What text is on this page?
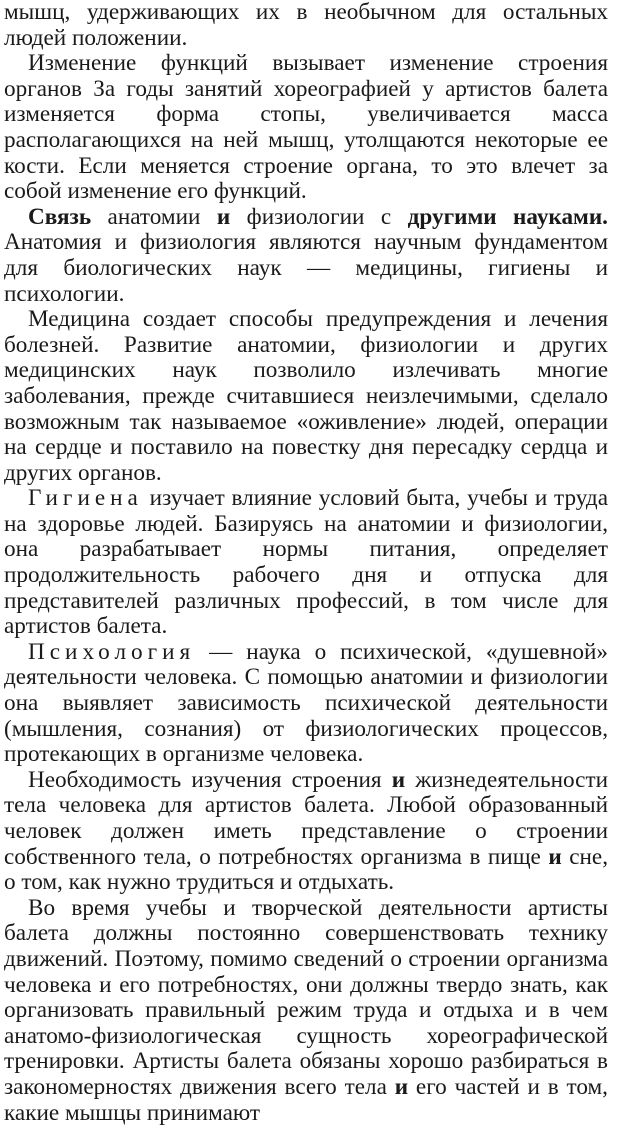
мышц, удерживающих их в необычном для остальных людей положении.

Изменение функций вызывает изменение строения органов За годы занятий хореографией у артистов балета изменяется форма стопы, увеличивается масса располагающихся на ней мышц, утолщаются некоторые ее кости. Если меняется строение органа, то это влечет за собой изменение его функций.

Связь анатомии и физиологии с другими науками. Анатомия и физиология являются научным фундаментом для биологических наук — медицины, гигиены и психологии.

Медицина создает способы предупреждения и лечения болезней. Развитие анатомии, физиологии и других медицинских наук позволило излечивать многие заболевания, прежде считавшиеся неизлечимыми, сделало возможным так называемое «оживление» людей, операции на сердце и поставило на повестку дня пересадку сердца и других органов.

Гигиена изучает влияние условий быта, учебы и труда на здоровье людей. Базируясь на анатомии и физиологии, она разрабатывает нормы питания, определяет продолжительность рабочего дня и отпуска для представителей различных профессий, в том числе для артистов балета.

Психология — наука о психической, «душевной» деятельности человека. С помощью анатомии и физиологии она выявляет зависимость психической деятельности (мышления, сознания) от физиологических процессов, протекающих в организме человека.

Необходимость изучения строения и жизнедеятельности тела человека для артистов балета. Любой образованный человек должен иметь представление о строении собственного тела, о потребностях организма в пище и сне, о том, как нужно трудиться и отдыхать.

Во время учебы и творческой деятельности артисты балета должны постоянно совершенствовать технику движений. Поэтому, помимо сведений о строении организма человека и его потребностях, они должны твердо знать, как организовать правильный режим труда и отдыха и в чем анатомо-физиологическая сущность хореографической тренировки. Артисты балета обязаны хорошо разбираться в закономерностях движения всего тела и его частей и в том, какие мышцы принимают
